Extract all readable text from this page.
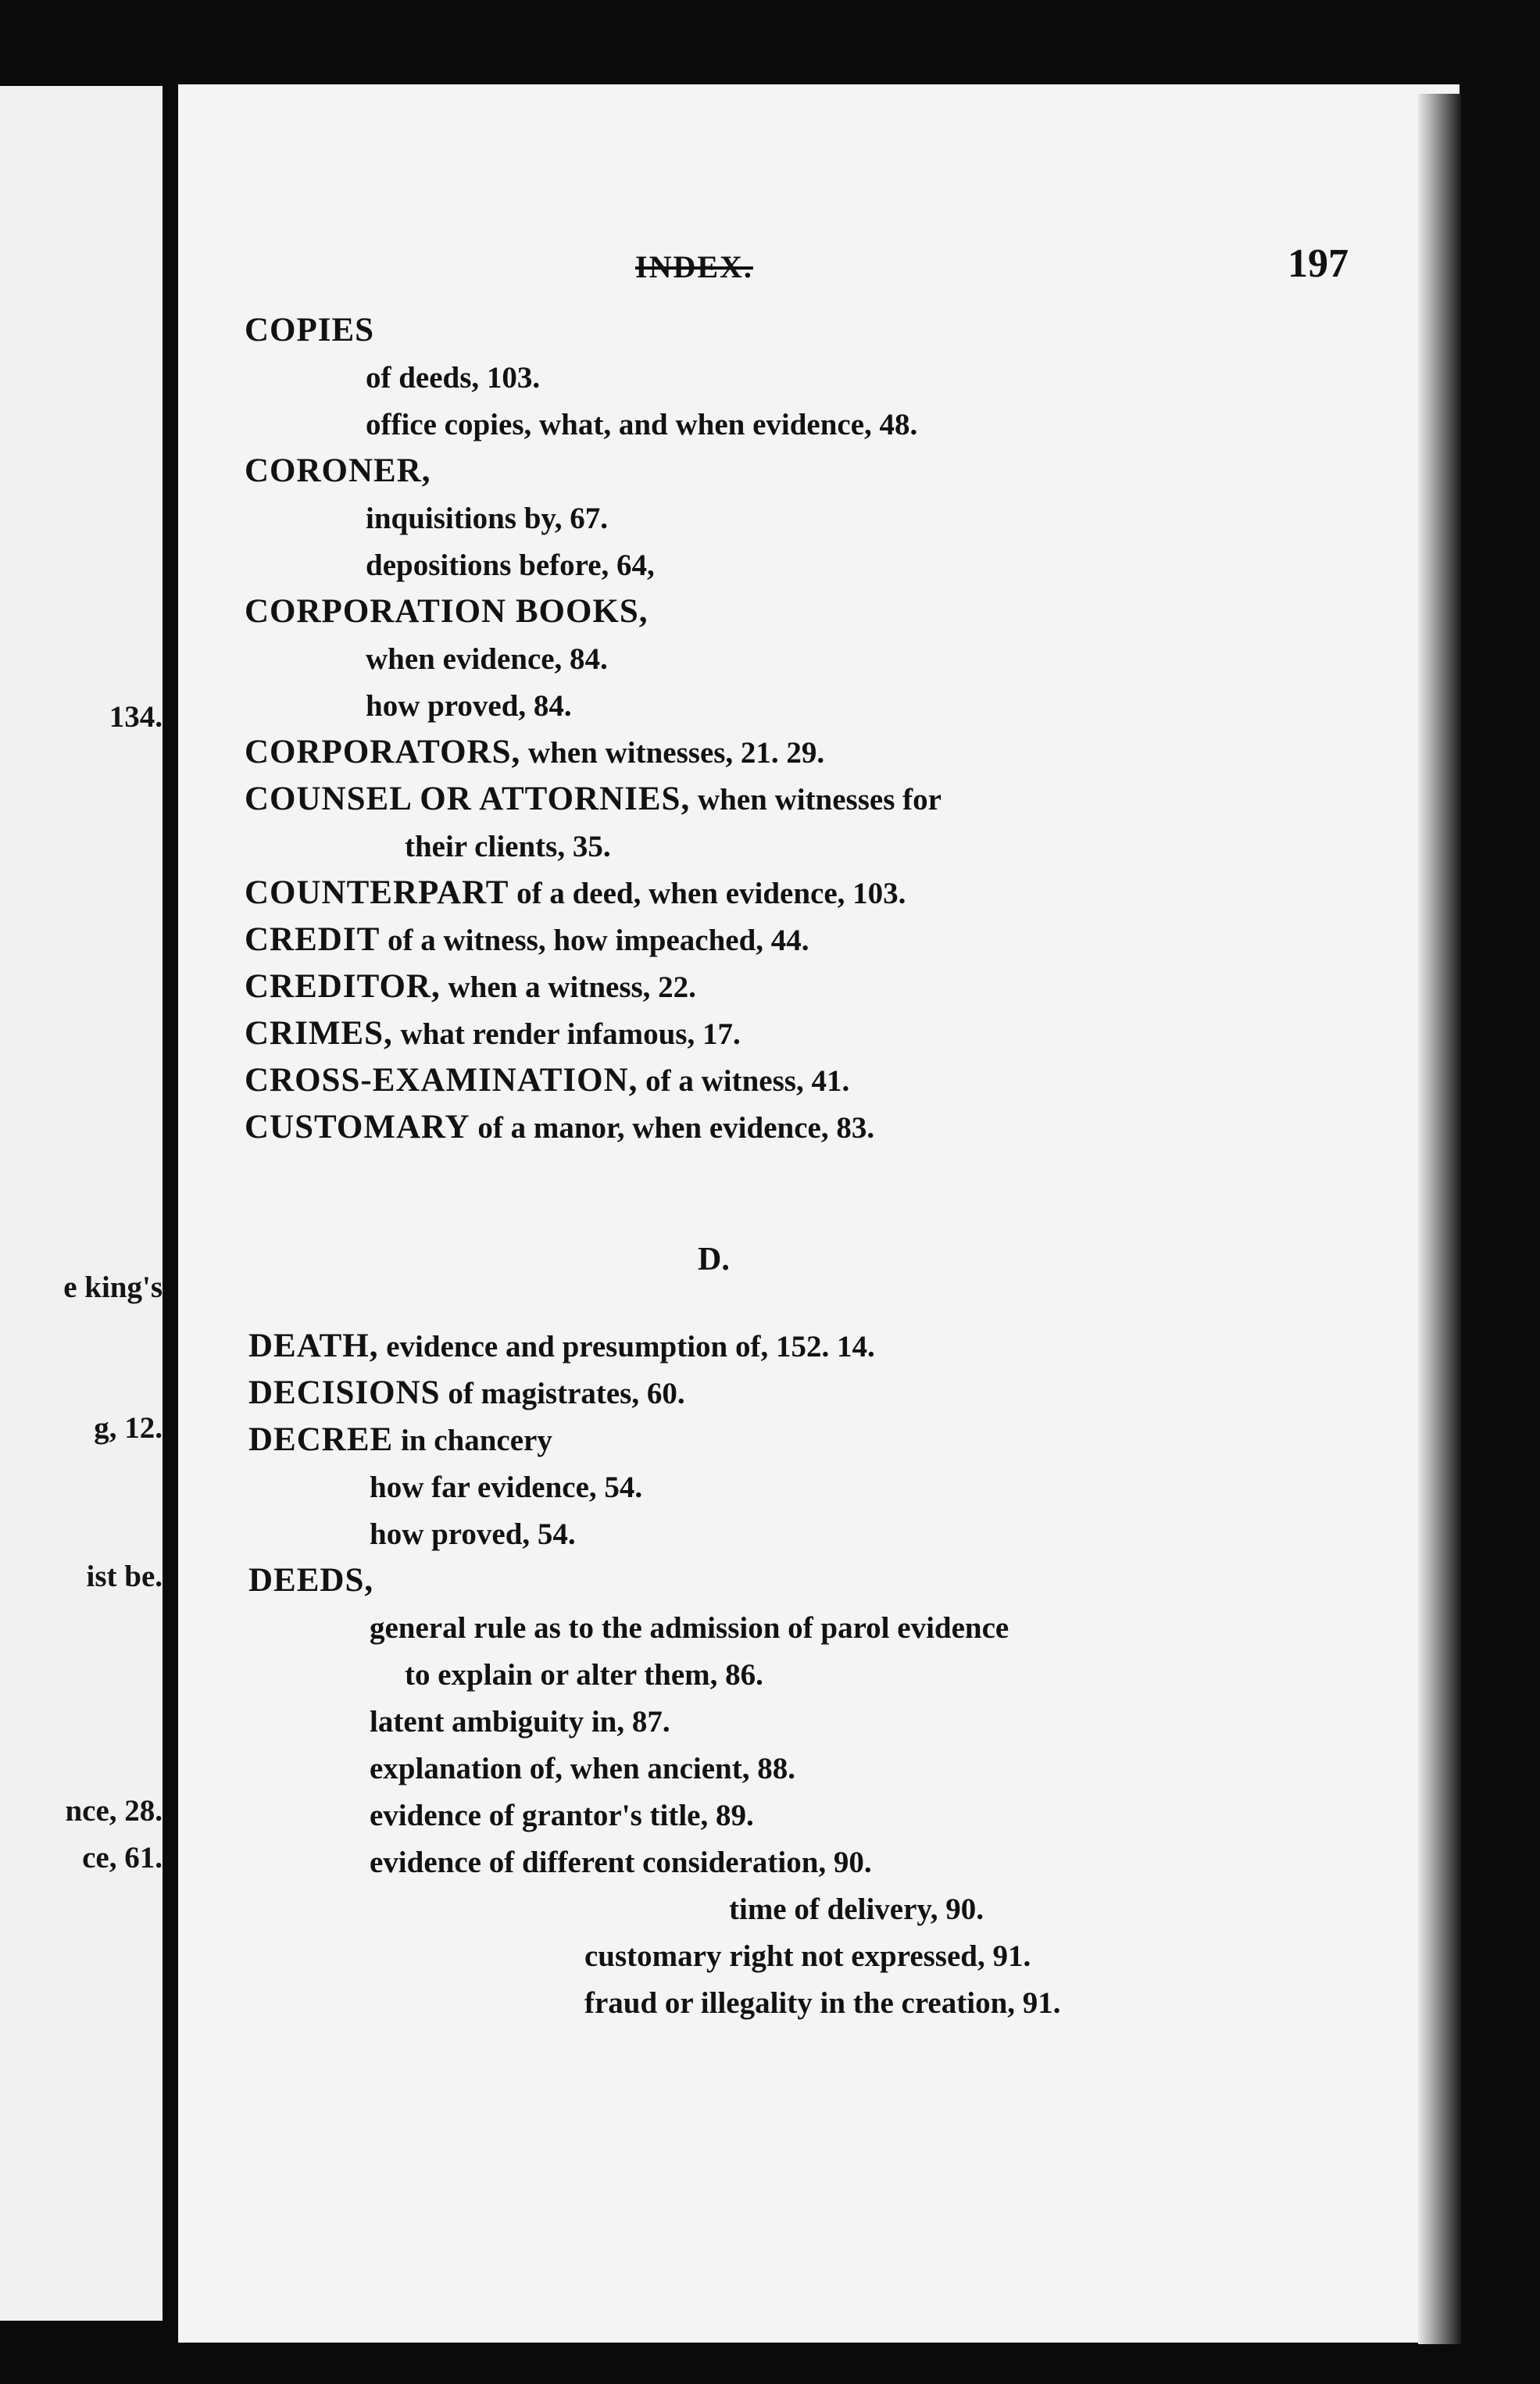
134.
e king's
g, 12.
ist be.
nce, 28.
ce, 61.
INDEX.	197
COPIES
of deeds, 103.
office copies, what, and when evidence, 48.
CORONER,
inquisitions by, 67.
depositions before, 64,
CORPORATION BOOKS,
when evidence, 84.
how proved, 84.
CORPORATORS, when witnesses, 21. 29.
COUNSEL OR ATTORNIES, when witnesses for
their clients, 35.
COUNTERPART of a deed, when evidence, 103.
CREDIT of a witness, how impeached, 44.
CREDITOR, when a witness, 22.
CRIMES, what render infamous, 17.
CROSS-EXAMINATION, of a witness, 41.
CUSTOMARY of a manor, when evidence, 83.
D.
DEATH, evidence and presumption of, 152. 14.
DECISIONS of magistrates, 60.
DECREE in chancery
how far evidence, 54.
how proved, 54.
DEEDS,
general rule as to the admission of parol evidence
to explain or alter them, 86.
latent ambiguity in, 87.
explanation of, when ancient, 88.
evidence of grantor's title, 89.
evidence of different consideration, 90.
time of delivery, 90.
customary right not expressed, 91.
fraud or illegality in the creation, 91.
